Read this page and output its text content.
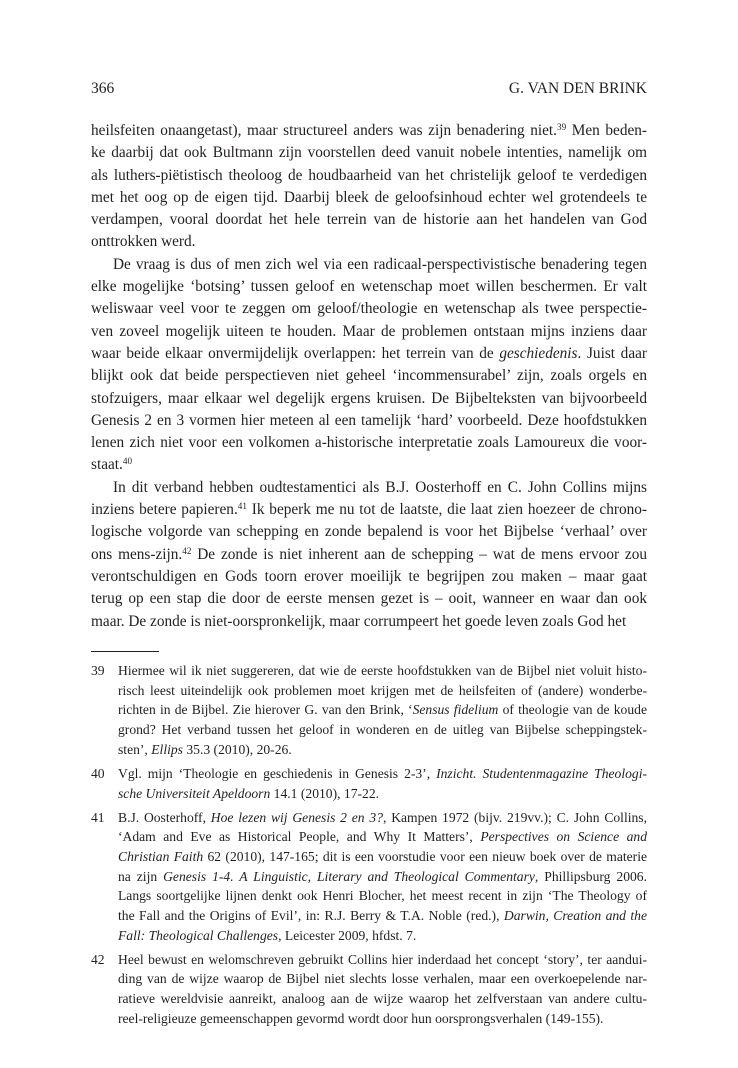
366	G. VAN DEN BRINK
heilsfeiten onaangetast), maar structureel anders was zijn benadering niet.$^{39}$ Men beden-
ke daarbij dat ook Bultmann zijn voorstellen deed vanuit nobele intenties, namelijk om
als luthers-piëtistisch theoloog de houdbaarheid van het christelijk geloof te verdedigen
met het oog op de eigen tijd. Daarbij bleek de geloofsinhoud echter wel grotendeels te
verdampen, vooral doordat het hele terrein van de historie aan het handelen van God
onttrokken werd.
De vraag is dus of men zich wel via een radicaal-perspectivistische benadering tegen
elke mogelijke ‘botsing’ tussen geloof en wetenschap moet willen beschermen. Er valt
weliswaar veel voor te zeggen om geloof/theologie en wetenschap als twee perspectie-
ven zoveel mogelijk uiteen te houden. Maar de problemen ontstaan mijns inziens daar
waar beide elkaar onvermijdelijk overlappen: het terrein van de geschiedenis. Juist daar
blijkt ook dat beide perspectieven niet geheel ‘incommensurabel’ zijn, zoals orgels en
stofzuigers, maar elkaar wel degelijk ergens kruisen. De Bijbelteksten van bijvoorbeeld
Genesis 2 en 3 vormen hier meteen al een tamelijk ‘hard’ voorbeeld. Deze hoofdstukken
lenen zich niet voor een volkomen a-historische interpretatie zoals Lamoureux die voor-
staat.$^{40}$
In dit verband hebben oudtestamentici als B.J. Oosterhoff en C. John Collins mijns
inziens betere papieren.$^{41}$ Ik beperk me nu tot de laatste, die laat zien hoezeer de chrono-
logische volgorde van schepping en zonde bepalend is voor het Bijbelse ‘verhaal’ over
ons mens-zijn.$^{42}$ De zonde is niet inherent aan de schepping – wat de mens ervoor zou
verontschuldigen en Gods toorn erover moeilijk te begrijpen zou maken – maar gaat
terug op een stap die door de eerste mensen gezet is – ooit, wanneer en waar dan ook
maar. De zonde is niet-oorspronkelijk, maar corrumpeert het goede leven zoals God het
39 Hiermee wil ik niet suggereren, dat wie de eerste hoofdstukken van de Bijbel niet voluit histo-
risch leest uiteindelijk ook problemen moet krijgen met de heilsfeiten of (andere) wonderbe-
richten in de Bijbel. Zie hierover G. van den Brink, ‘Sensus fidelium of theologie van de koude
grond? Het verband tussen het geloof in wonderen en de uitleg van Bijbelse scheppingstek-
sten’, Ellips 35.3 (2010), 20-26.
40 Vgl. mijn ‘Theologie en geschiedenis in Genesis 2-3’, Inzicht. Studentenmagazine Theologi-
sche Universiteit Apeldoorn 14.1 (2010), 17-22.
41 B.J. Oosterhoff, Hoe lezen wij Genesis 2 en 3?, Kampen 1972 (bijv. 219vv.); C. John Collins,
‘Adam and Eve as Historical People, and Why It Matters’, Perspectives on Science and
Christian Faith 62 (2010), 147-165; dit is een voorstudie voor een nieuw boek over de materie
na zijn Genesis 1-4. A Linguistic, Literary and Theological Commentary, Phillipsburg 2006.
Langs soortgelijke lijnen denkt ook Henri Blocher, het meest recent in zijn ‘The Theology of
the Fall and the Origins of Evil’, in: R.J. Berry & T.A. Noble (red.), Darwin, Creation and the
Fall: Theological Challenges, Leicester 2009, hfdst. 7.
42 Heel bewust en welomschreven gebruikt Collins hier inderdaad het concept ‘story’, ter aandui-
ding van de wijze waarop de Bijbel niet slechts losse verhalen, maar een overkoepelende nar-
ratieve wereldvisie aanreikt, analoog aan de wijze waarop het zelfverstaan van andere cultu-
reel-religieuze gemeenschappen gevormd wordt door hun oorsprongsverhalen (149-155).
